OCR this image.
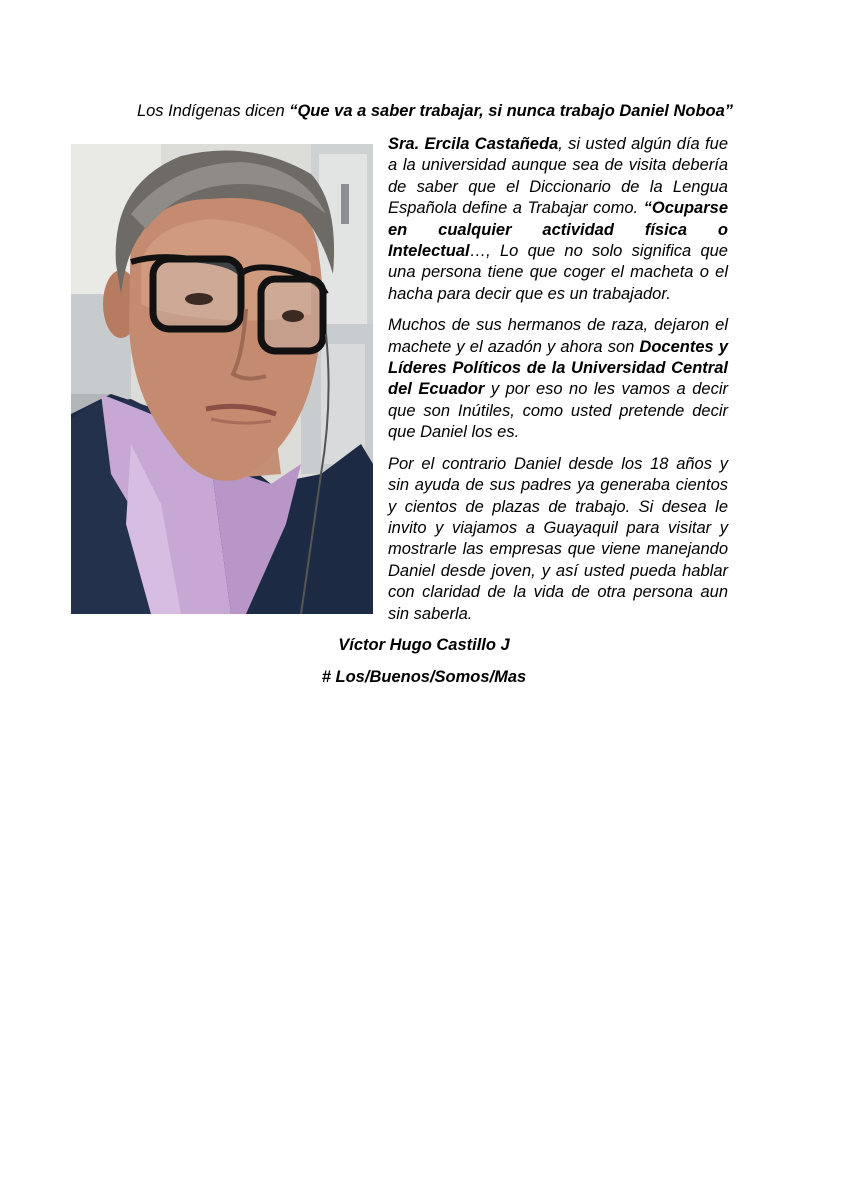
Los Indígenas dicen “Que va a saber trabajar, si nunca trabajo Daniel Noboa”

Sra. Ercila Castañeda, si usted algún día fue a la universidad aunque sea de visita debería de saber que el Diccionario de la Lengua Española define a Trabajar como. “Ocuparse en cualquier actividad física o Intelectual…, Lo que no solo significa que una persona tiene que coger el macheta o el hacha para decir que es un trabajador.

Muchos de sus hermanos de raza, dejaron el machete y el azadón y ahora son Docentes y Líderes Políticos de la Universidad Central del Ecuador y por eso no les vamos a decir que son Inútiles, como usted pretende decir que Daniel los es.

Por el contrario Daniel desde los 18 años y sin ayuda de sus padres ya generaba cientos y cientos de plazas de trabajo. Si desea le invito y viajamos a Guayaquil para visitar y mostrarle las empresas que viene manejando Daniel desde joven, y así usted pueda hablar con claridad de la vida de otra persona aun sin saberla.

Víctor Hugo Castillo J
# Los/Buenos/Somos/Mas
